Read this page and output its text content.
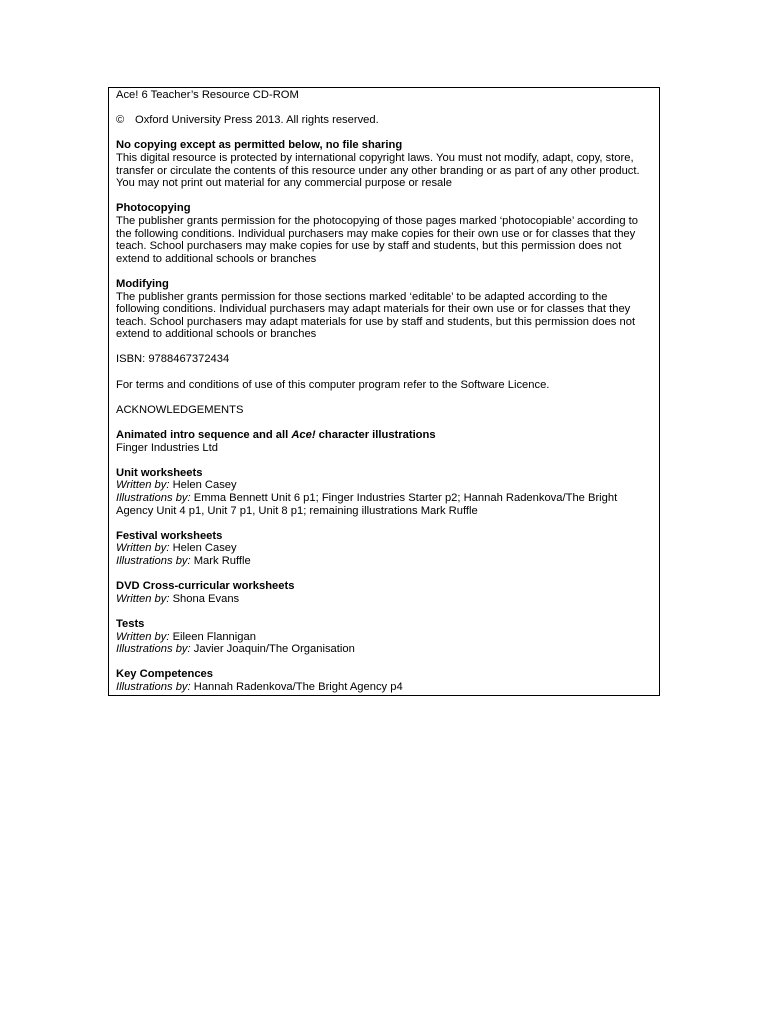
Ace! 6 Teacher’s Resource CD-ROM

© Oxford University Press 2013. All rights reserved.

No copying except as permitted below, no file sharing
This digital resource is protected by international copyright laws. You must not modify, adapt, copy, store, transfer or circulate the contents of this resource under any other branding or as part of any other product. You may not print out material for any commercial purpose or resale
Photocopying
The publisher grants permission for the photocopying of those pages marked ‘photocopiable’ according to the following conditions. Individual purchasers may make copies for their own use or for classes that they teach. School purchasers may make copies for use by staff and students, but this permission does not extend to additional schools or branches
Modifying
The publisher grants permission for those sections marked ‘editable’ to be adapted according to the following conditions. Individual purchasers may adapt materials for their own use or for classes that they teach. School purchasers may adapt materials for use by staff and students, but this permission does not extend to additional schools or branches

ISBN: 9788467372434

For terms and conditions of use of this computer program refer to the Software Licence.

ACKNOWLEDGEMENTS

Animated intro sequence and all Ace! character illustrations
Finger Industries Ltd
Unit worksheets
Written by: Helen Casey
Illustrations by: Emma Bennett Unit 6 p1; Finger Industries Starter p2; Hannah Radenkova/The Bright Agency Unit 4 p1, Unit 7 p1, Unit 8 p1; remaining illustrations Mark Ruffle
Festival worksheets
Written by: Helen Casey
Illustrations by: Mark Ruffle
DVD Cross-curricular worksheets
Written by: Shona Evans
Tests
Written by: Eileen Flannigan
Illustrations by: Javier Joaquin/The Organisation
Key Competences
Illustrations by: Hannah Radenkova/The Bright Agency p4
